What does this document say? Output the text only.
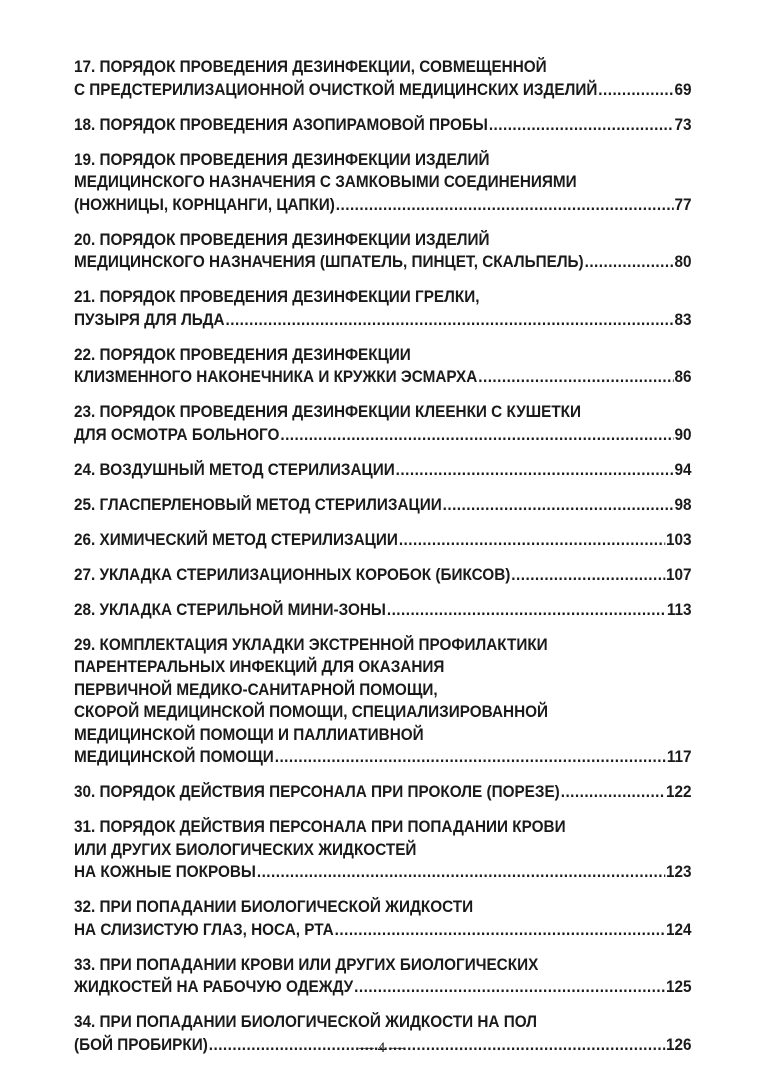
17. ПОРЯДОК ПРОВЕДЕНИЯ ДЕЗИНФЕКЦИИ, СОВМЕЩЕННОЙ
С ПРЕДСТЕРИЛИЗАЦИОННОЙ ОЧИСТКОЙ МЕДИЦИНСКИХ ИЗДЕЛИЙ .....	69
18. ПОРЯДОК ПРОВЕДЕНИЯ АЗОПИРАМОВОЙ ПРОБЫ .....	73
19. ПОРЯДОК ПРОВЕДЕНИЯ ДЕЗИНФЕКЦИИ ИЗДЕЛИЙ
МЕДИЦИНСКОГО НАЗНАЧЕНИЯ С ЗАМКОВЫМИ СОЕДИНЕНИЯМИ
(НОЖНИЦЫ, КОРНЦАНГИ, ЦАПКИ) .....	77
20. ПОРЯДОК ПРОВЕДЕНИЯ ДЕЗИНФЕКЦИИ ИЗДЕЛИЙ
МЕДИЦИНСКОГО НАЗНАЧЕНИЯ (ШПАТЕЛЬ, ПИНЦЕТ, СКАЛЬПЕЛЬ) .....	80
21. ПОРЯДОК ПРОВЕДЕНИЯ ДЕЗИНФЕКЦИИ ГРЕЛКИ,
ПУЗЫРЯ ДЛЯ ЛЬДА .....	83
22. ПОРЯДОК ПРОВЕДЕНИЯ ДЕЗИНФЕКЦИИ
КЛИЗМЕННОГО НАКОНЕЧНИКА И КРУЖКИ ЭСМАРХА .....	86
23. ПОРЯДОК ПРОВЕДЕНИЯ ДЕЗИНФЕКЦИИ КЛЕЕНКИ С КУШЕТКИ
ДЛЯ ОСМОТРА БОЛЬНОГО .....	90
24. ВОЗДУШНЫЙ МЕТОД СТЕРИЛИЗАЦИИ .....	94
25. ГЛАСПЕРЛЕНОВЫЙ МЕТОД СТЕРИЛИЗАЦИИ .....	98
26. ХИМИЧЕСКИЙ МЕТОД СТЕРИЛИЗАЦИИ .....	103
27. УКЛАДКА СТЕРИЛИЗАЦИОННЫХ КОРОБОК (БИКСОВ) .....	107
28. УКЛАДКА СТЕРИЛЬНОЙ МИНИ-ЗОНЫ .....	113
29. КОМПЛЕКТАЦИЯ УКЛАДКИ ЭКСТРЕННОЙ ПРОФИЛАКТИКИ
ПАРЕНТЕРАЛЬНЫХ ИНФЕКЦИЙ ДЛЯ ОКАЗАНИЯ
ПЕРВИЧНОЙ МЕДИКО-САНИТАРНОЙ ПОМОЩИ,
СКОРОЙ МЕДИЦИНСКОЙ ПОМОЩИ, СПЕЦИАЛИЗИРОВАННОЙ
МЕДИЦИНСКОЙ ПОМОЩИ И ПАЛЛИАТИВНОЙ
МЕДИЦИНСКОЙ ПОМОЩИ .....	117
30. ПОРЯДОК ДЕЙСТВИЯ ПЕРСОНАЛА ПРИ ПРОКОЛЕ (ПОРЕЗЕ) .....	122
31. ПОРЯДОК ДЕЙСТВИЯ ПЕРСОНАЛА ПРИ ПОПАДАНИИ КРОВИ
ИЛИ ДРУГИХ БИОЛОГИЧЕСКИХ ЖИДКОСТЕЙ
НА КОЖНЫЕ ПОКРОВЫ .....	123
32. ПРИ ПОПАДАНИИ БИОЛОГИЧЕСКОЙ ЖИДКОСТИ
НА СЛИЗИСТУЮ ГЛАЗ, НОСА, РТА .....	124
33. ПРИ ПОПАДАНИИ КРОВИ ИЛИ ДРУГИХ БИОЛОГИЧЕСКИХ
ЖИДКОСТЕЙ НА РАБОЧУЮ ОДЕЖДУ .....	125
34. ПРИ ПОПАДАНИИ БИОЛОГИЧЕСКОЙ ЖИДКОСТИ НА ПОЛ
(БОЙ ПРОБИРКИ) .....	126
— 4 —
